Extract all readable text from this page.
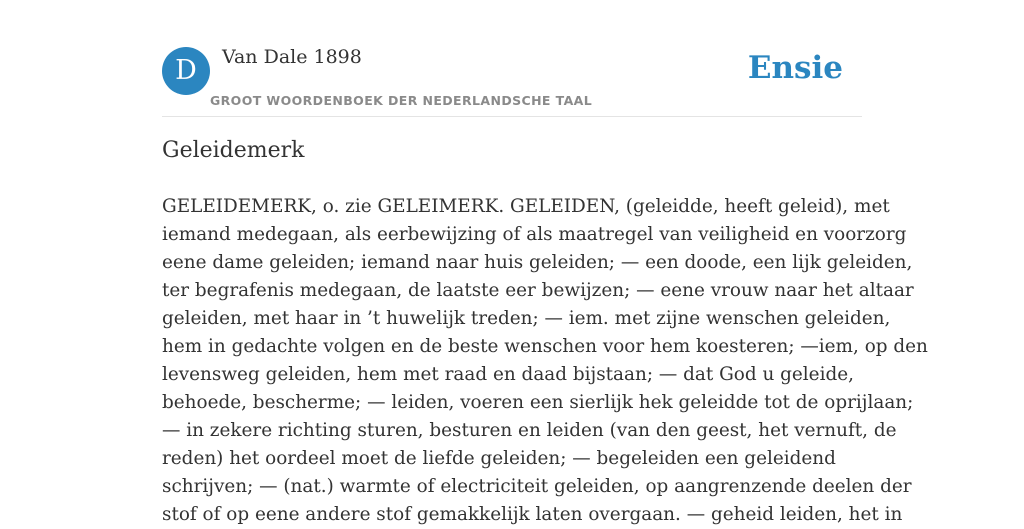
D	Van Dale 1898
GROOT WOORDENBOEK DER NEDERLANDSCHE TAAL
Ensie
Geleidemerk
GELEIDEMERK, o. zie GELEIMERK. GELEIDEN, (geleidde, heeft geleid), met
iemand medegaan, als eerbewijzing of als maatregel van veiligheid en voorzorg
eene dame geleiden; iemand naar huis geleiden; — een doode, een lijk geleiden,
ter begrafenis medegaan, de laatste eer bewijzen; — eene vrouw naar het altaar
geleiden, met haar in ’t huwelijk treden; — iem. met zijne wenschen geleiden,
hem in gedachte volgen en de beste wenschen voor hem koesteren; —iem, op den
levensweg geleiden, hem met raad en daad bijstaan; — dat God u geleide,
behoede, bescherme; — leiden, voeren een sierlijk hek geleidde tot de oprijlaan;
— in zekere richting sturen, besturen en leiden (van den geest, het vernuft, de
reden) het oordeel moet de liefde geleiden; — begeleiden een geleidend
schrijven; — (nat.) warmte of electriciteit geleiden, op aangrenzende deelen der
stof of op eene andere stof gemakkelijk laten overgaan. — geheid leiden, het in
